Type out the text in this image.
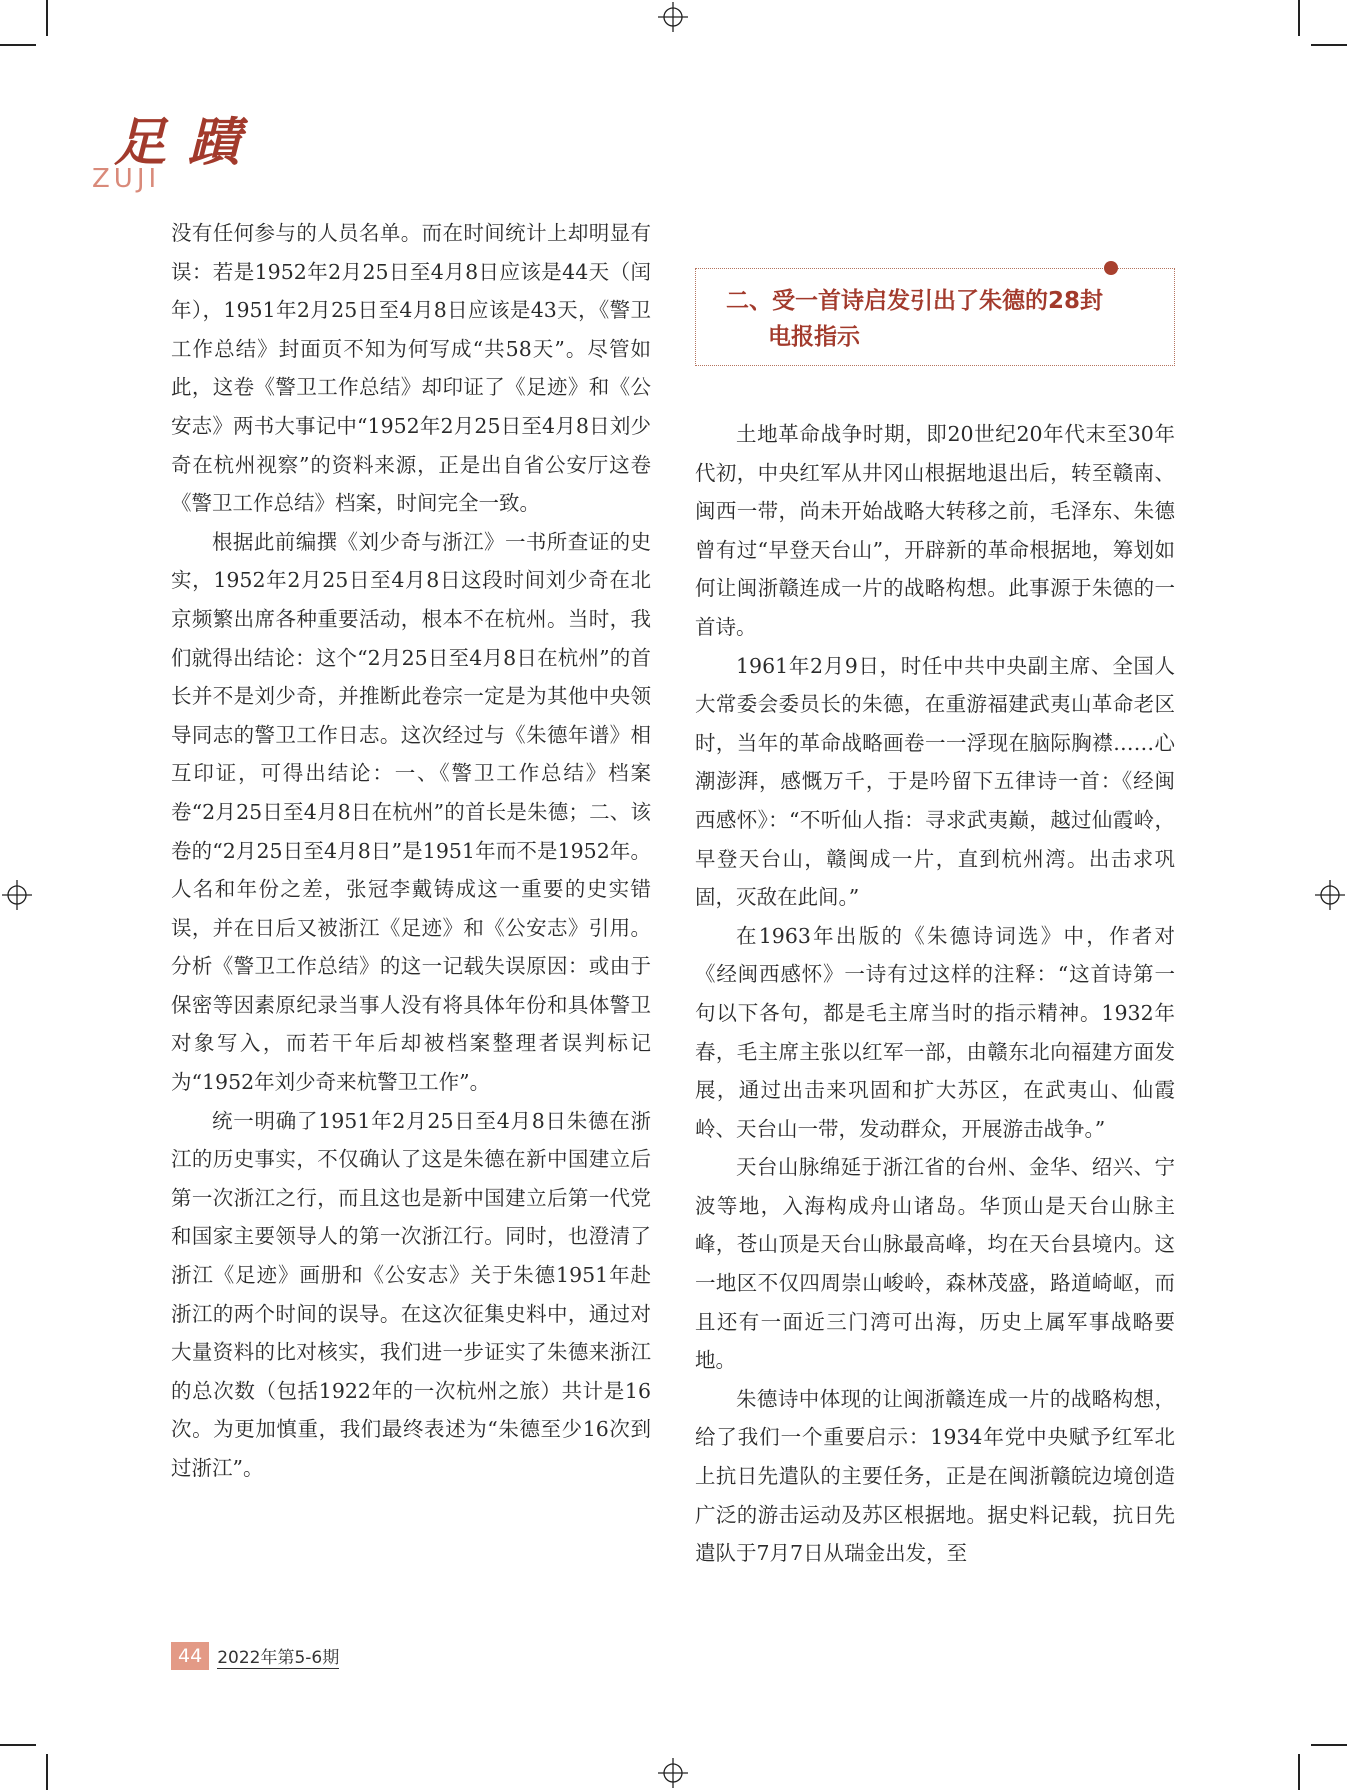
足 蹟
ZUJI

没有任何参与的人员名单。而在时间统计上却明显有误：若是1952年2月25日至4月8日应该是44天（闰年），1951年2月25日至4月8日应该是43天，《警卫工作总结》封面页不知为何写成“共58天”。尽管如此，这卷《警卫工作总结》却印证了《足迹》和《公安志》两书大事记中“1952年2月25日至4月8日刘少奇在杭州视察”的资料来源，正是出自省公安厅这卷《警卫工作总结》档案，时间完全一致。

根据此前编撰《刘少奇与浙江》一书所查证的史实，1952年2月25日至4月8日这段时间刘少奇在北京频繁出席各种重要活动，根本不在杭州。当时，我们就得出结论：这个“2月25日至4月8日在杭州”的首长并不是刘少奇，并推断此卷宗一定是为其他中央领导同志的警卫工作日志。这次经过与《朱德年谱》相互印证，可得出结论：一、《警卫工作总结》档案卷“2月25日至4月8日在杭州”的首长是朱德；二、该卷的“2月25日至4月8日”是1951年而不是1952年。人名和年份之差，张冠李戴铸成这一重要的史实错误，并在日后又被浙江《足迹》和《公安志》引用。分析《警卫工作总结》的这一记载失误原因：或由于保密等因素原纪录当事人没有将具体年份和具体警卫对象写入，而若干年后却被档案整理者误判标记为“1952年刘少奇来杭警卫工作”。

统一明确了1951年2月25日至4月8日朱德在浙江的历史事实，不仅确认了这是朱德在新中国建立后第一次浙江之行，而且这也是新中国建立后第一代党和国家主要领导人的第一次浙江行。同时，也澄清了浙江《足迹》画册和《公安志》关于朱德1951年赴浙江的两个时间的误导。在这次征集史料中，通过对大量资料的比对核实，我们进一步证实了朱德来浙江的总次数（包括1922年的一次杭州之旅）共计是16次。为更加慎重，我们最终表述为“朱德至少16次到过浙江”。

二、受一首诗启发引出了朱德的28封
电报指示

土地革命战争时期，即20世纪20年代末至30年代初，中央红军从井冈山根据地退出后，转至赣南、闽西一带，尚未开始战略大转移之前，毛泽东、朱德曾有过“早登天台山”，开辟新的革命根据地，筹划如何让闽浙赣连成一片的战略构想。此事源于朱德的一首诗。

1961年2月9日，时任中共中央副主席、全国人大常委会委员长的朱德，在重游福建武夷山革命老区时，当年的革命战略画卷一一浮现在脑际胸襟……心潮澎湃，感慨万千，于是吟留下五律诗一首：《经闽西感怀》：“不听仙人指：寻求武夷巅，越过仙霞岭，早登天台山，赣闽成一片，直到杭州湾。出击求巩固，灭敌在此间。”

在1963年出版的《朱德诗词选》中，作者对《经闽西感怀》一诗有过这样的注释：“这首诗第一句以下各句，都是毛主席当时的指示精神。1932年春，毛主席主张以红军一部，由赣东北向福建方面发展，通过出击来巩固和扩大苏区，在武夷山、仙霞岭、天台山一带，发动群众，开展游击战争。”

天台山脉绵延于浙江省的台州、金华、绍兴、宁波等地，入海构成舟山诸岛。华顶山是天台山脉主峰，苍山顶是天台山脉最高峰，均在天台县境内。这一地区不仅四周崇山峻岭，森林茂盛，路道崎岖，而且还有一面近三门湾可出海，历史上属军事战略要地。

朱德诗中体现的让闽浙赣连成一片的战略构想，给了我们一个重要启示：1934年党中央赋予红军北上抗日先遣队的主要任务，正是在闽浙赣皖边境创造广泛的游击运动及苏区根据地。据史料记载，抗日先遣队于7月7日从瑞金出发，至

44 2022年第5-6期
